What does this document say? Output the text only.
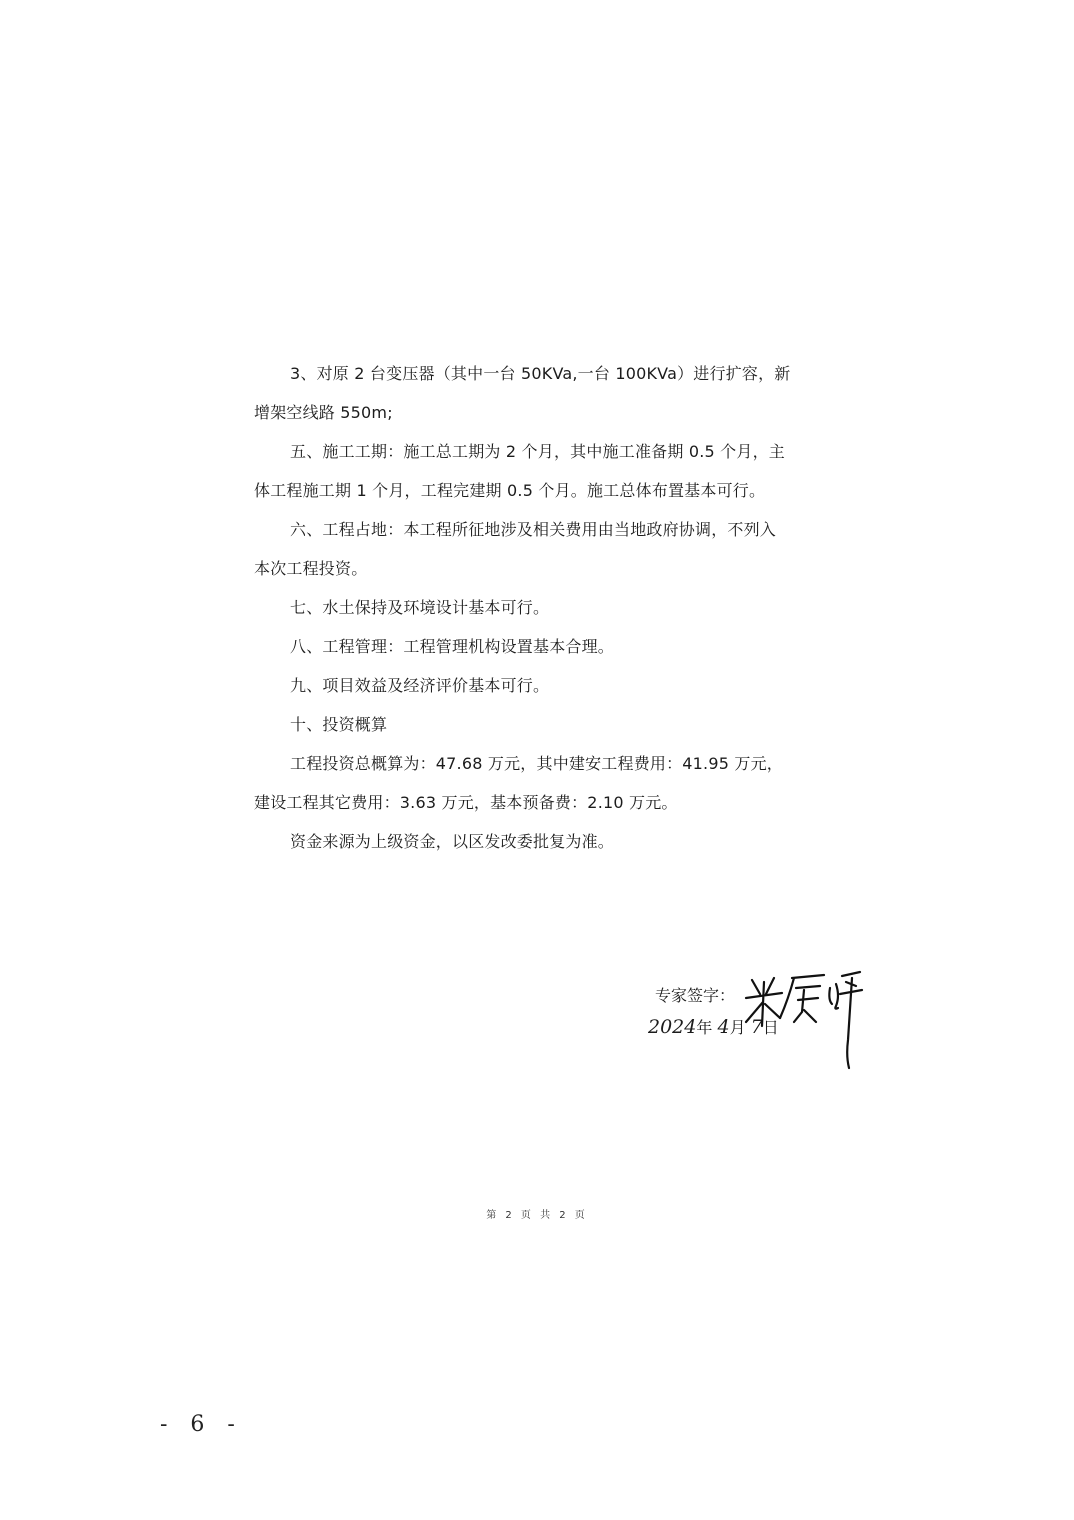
3、对原 2 台变压器（其中一台 50KVa,一台 100KVa）进行扩容，新
增架空线路 550m;
五、施工工期：施工总工期为 2 个月，其中施工准备期 0.5 个月，主
体工程施工期 1 个月，工程完建期 0.5 个月。施工总体布置基本可行。
六、工程占地：本工程所征地涉及相关费用由当地政府协调，不列入
本次工程投资。
七、水土保持及环境设计基本可行。
八、工程管理：工程管理机构设置基本合理。
九、项目效益及经济评价基本可行。
十、投资概算
工程投资总概算为：47.68 万元，其中建安工程费用：41.95 万元，
建设工程其它费用：3.63 万元，基本预备费：2.10 万元。
资金来源为上级资金，以区发改委批复为准。
专家签字：
2024年 4月 7日
第 2 页 共 2 页
- 6 -
